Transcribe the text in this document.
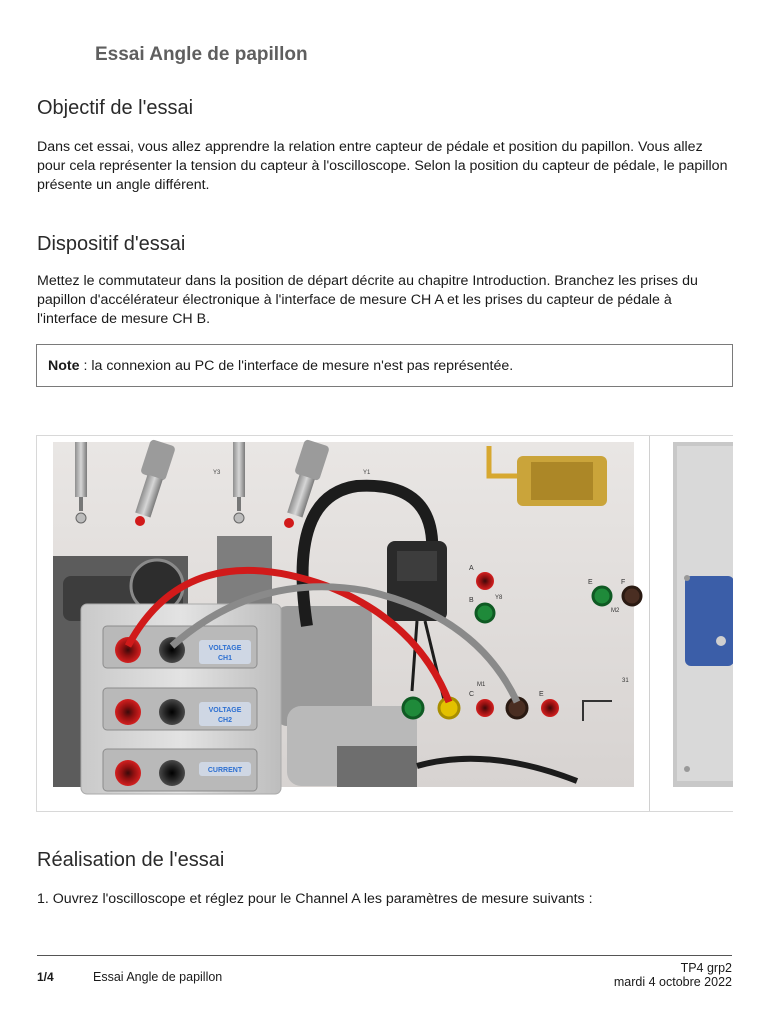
Essai Angle de papillon
Objectif de l'essai

Dans cet essai, vous allez apprendre la relation entre capteur de pédale et position du papillon. Vous allez pour cela représenter la tension du capteur à l'oscilloscope. Selon la position du capteur de pédale, le papillon présente un angle différent.

Dispositif d'essai

Mettez le commutateur dans la position de départ décrite au chapitre Introduction. Branchez les prises du papillon d'accélérateur électronique à l'interface de mesure CH A et les prises du capteur de pédale à l'interface de mesure CH B.

Note : la connexion au PC de l'interface de mesure n'est pas représentée.
Y3	Y1
A
B	Y8
M1
C	E
E	F
M2
31
VOLTAGE
CH1
VOLTAGE
CH2
CURRENT
Réalisation de l'essai

1. Ouvrez l'oscilloscope et réglez pour le Channel A les paramètres de mesure suivants :

1/4	Essai Angle de papillon
TP4 grp2
mardi 4 octobre 2022
